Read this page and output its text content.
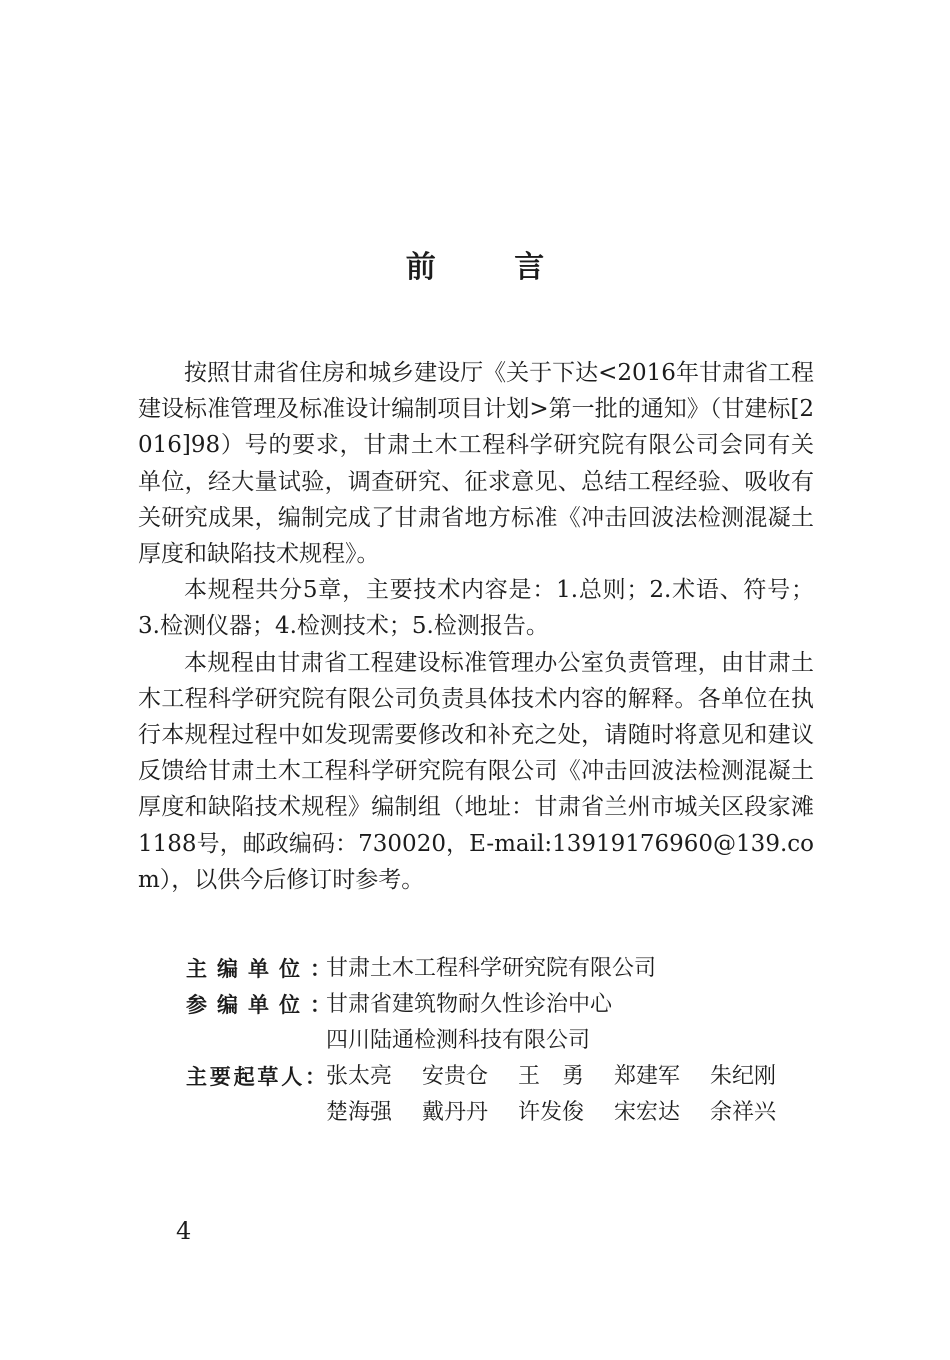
前 言

按照甘肃省住房和城乡建设厅《关于下达<2016年甘肃省工程建设标准管理及标准设计编制项目计划>第一批的通知》（甘建标[2016]98）号的要求，甘肃土木工程科学研究院有限公司会同有关单位，经大量试验，调查研究、征求意见、总结工程经验、吸收有关研究成果，编制完成了甘肃省地方标准《冲击回波法检测混凝土厚度和缺陷技术规程》。

本规程共分5章，主要技术内容是：1.总则；2.术语、符号；3.检测仪器；4.检测技术；5.检测报告。

本规程由甘肃省工程建设标准管理办公室负责管理，由甘肃土木工程科学研究院有限公司负责具体技术内容的解释。各单位在执行本规程过程中如发现需要修改和补充之处，请随时将意见和建议反馈给甘肃土木工程科学研究院有限公司《冲击回波法检测混凝土厚度和缺陷技术规程》编制组（地址：甘肃省兰州市城关区段家滩1188号，邮政编码：730020，E-mail:13919176960@139.com），以供今后修订时参考。

主编单位：
甘肃土木工程科学研究院有限公司
参编单位：
甘肃省建筑物耐久性诊治中心
四川陆通检测科技有限公司
主要起草人： 张太亮	安贵仓	王　勇	郑建军	朱纪刚
楚海强	戴丹丹	许发俊	宋宏达	余祥兴
4
